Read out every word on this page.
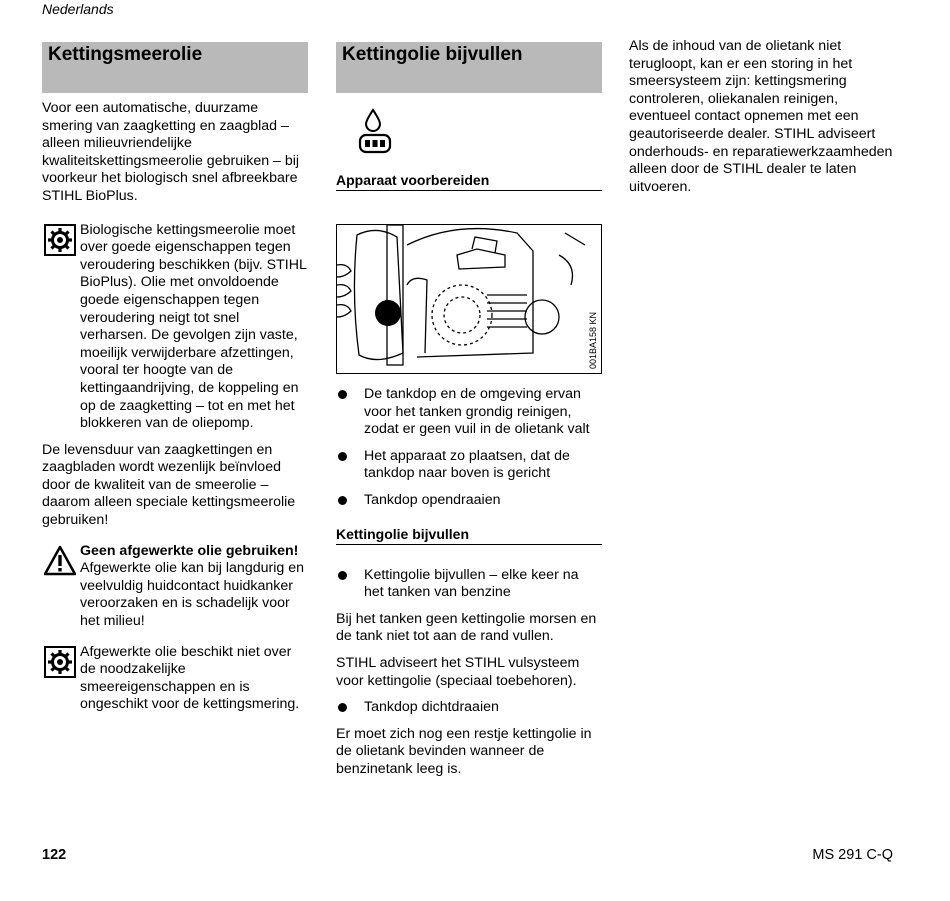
Nederlands
Kettingsmeerolie

Voor een automatische, duurzame smering van zaagketting en zaagblad – alleen milieuvriendelijke kwaliteitskettingsmeerolie gebruiken – bij voorkeur het biologisch snel afbreekbare STIHL BioPlus.

Biologische kettingsmeerolie moet over goede eigenschappen tegen veroudering beschikken (bijv. STIHL BioPlus). Olie met onvoldoende goede eigenschappen tegen veroudering neigt tot snel verharsen. De gevolgen zijn vaste, moeilijk verwijderbare afzettingen, vooral ter hoogte van de kettingaandrijving, de koppeling en op de zaagketting – tot en met het blokkeren van de oliepomp.

De levensduur van zaagkettingen en zaagbladen wordt wezenlijk beïnvloed door de kwaliteit van de smeerolie – daarom alleen speciale kettingsmeerolie gebruiken!

Geen afgewerkte olie gebruiken! Afgewerkte olie kan bij langdurig en veelvuldig huidcontact huidkanker veroorzaken en is schadelijk voor het milieu!

Afgewerkte olie beschikt niet over de noodzakelijke smeereigenschappen en is ongeschikt voor de kettingsmering.

Kettingolie bijvullen
Apparaat voorbereiden
001BA158 KN
De tankdop en de omgeving ervan voor het tanken grondig reinigen, zodat er geen vuil in de olietank valt
Het apparaat zo plaatsen, dat de tankdop naar boven is gericht
Tankdop opendraaien
Kettingolie bijvullen
Kettingolie bijvullen – elke keer na het tanken van benzine

Bij het tanken geen kettingolie morsen en de tank niet tot aan de rand vullen.

STIHL adviseert het STIHL vulsysteem voor kettingolie (speciaal toebehoren).

Tankdop dichtdraaien

Er moet zich nog een restje kettingolie in de olietank bevinden wanneer de benzinetank leeg is.

Als de inhoud van de olietank niet terugloopt, kan er een storing in het smeersysteem zijn: kettingsmering controleren, oliekanalen reinigen, eventueel contact opnemen met een geautoriseerde dealer. STIHL adviseert onderhouds- en reparatiewerkzaamheden alleen door de STIHL dealer te laten uitvoeren.

122	MS 291 C-Q
